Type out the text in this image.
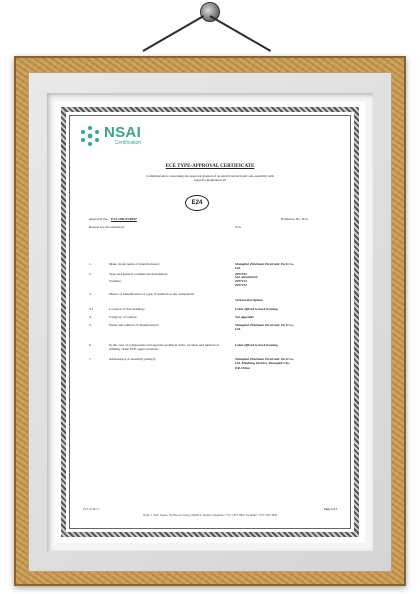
NSAI
Certification
ECE TYPE-APPROVAL CERTIFICATE
Communication concerning the approval granted of an electrical/electronic sub-assembly with regard to Regulation 10
E24
Approval No. E24-10R-05/0042	Extension No. N/A
Reason for the extension:	N/A
1.	Make (trade name of manufacturer):	Shanghai Zhichuan Electronic Tech Co., Ltd.
2.	Type and general commercial description:	ZH7165
See Attachment
Variants:	ZH7154
ZH7152
3.	Means of identification of type, if marked on the component:
Variant description
3.1	Location of that marking:	Label affixed to back housing
4.	Category of vehicle:	See appendix
5.	Name and address of manufacturer:	Shanghai Zhichuan Electronic Tech Co., Ltd.
6.	In the case of components and separate technical units, location and method of affixing of the ECE approval mark:
Label affixed to back housing
7.	Address(es) of assembly plant(s):	Shanghai Zhichuan Electronic Tech Co., Ltd. Minhang District, Shanghai City, P.R.China
ECE-10 Rev 5	Page 1 of 3
NSAI, 1 Swift Square, Northwood, Santry, Dublin 9, Ireland. Telephone: +353 1 807 3800, Facsimile: +353 1 807 3844
